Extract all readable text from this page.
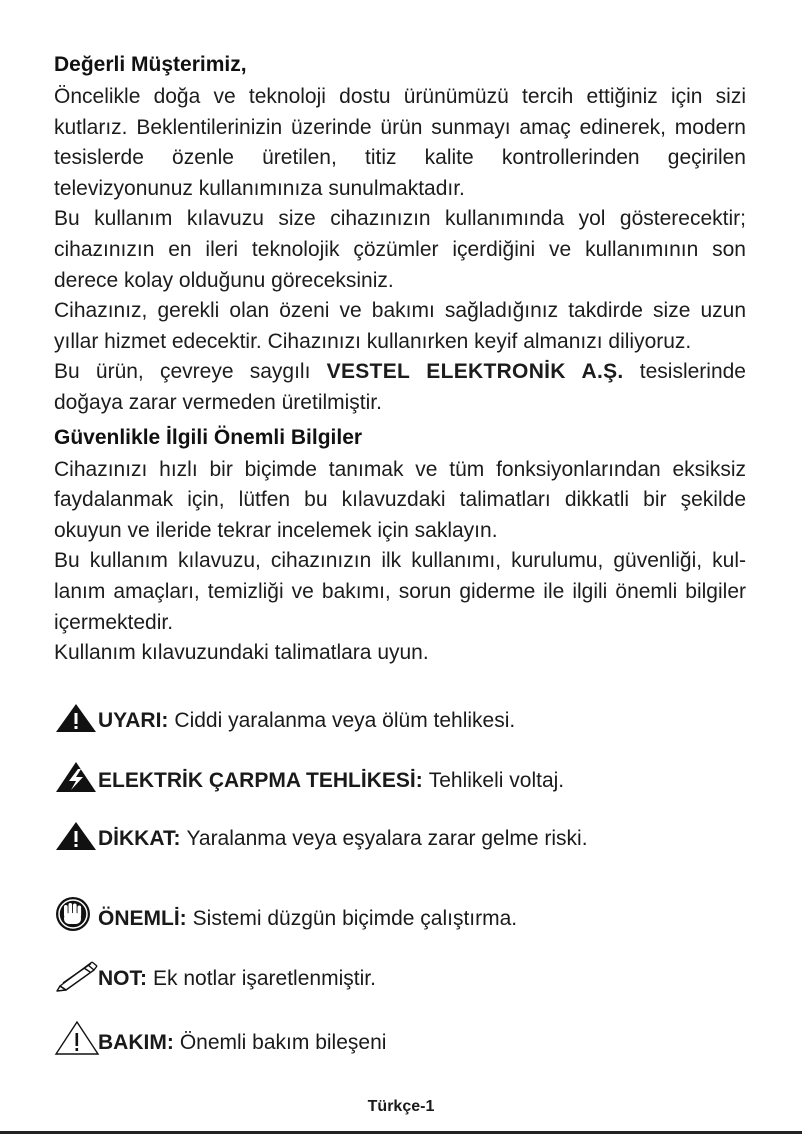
Değerli Müşterimiz,

Öncelikle doğa ve teknoloji dostu ürünümüzü tercih ettiğiniz için sizi kutlarız. Beklentilerinizin üzerinde ürün sunmayı amaç edinerek, modern tesislerde özenle üretilen, titiz kalite kontrollerinden geçirilen televizyonunuz kullanımınıza sunulmaktadır.

Bu kullanım kılavuzu size cihazınızın kullanımında yol gösterecektir; cihazınızın en ileri teknolojik çözümler içerdiğini ve kullanımının son derece kolay olduğunu göreceksiniz.

Cihazınız, gerekli olan özeni ve bakımı sağladığınız takdirde size uzun yıllar hizmet edecektir. Cihazınızı kullanırken keyif almanızı diliyoruz.

Bu ürün, çevreye saygılı VESTEL ELEKTRONİK A.Ş. tesislerinde doğaya zarar vermeden üretilmiştir.

Güvenlikle İlgili Önemli Bilgiler

Cihazınızı hızlı bir biçimde tanımak ve tüm fonksiyonlarından eksiksiz faydalanmak için, lütfen bu kılavuzdaki talimatları dikkatli bir şekilde okuyun ve ileride tekrar incelemek için saklayın.

Bu kullanım kılavuzu, cihazınızın ilk kullanımı, kurulumu, güvenliği, kullanım amaçları, temizliği ve bakımı, sorun giderme ile ilgili önemli bilgiler içermektedir.

Kullanım kılavuzundaki talimatlara uyun.

UYARI: Ciddi yaralanma veya ölüm tehlikesi.
ELEKTRİK ÇARPMA TEHLİKESİ: Tehlikeli voltaj.
DİKKAT: Yaralanma veya eşyalara zarar gelme riski.
ÖNEMLİ: Sistemi düzgün biçimde çalıştırma.
NOT: Ek notlar işaretlenmiştir.
BAKIM: Önemli bakım bileşeni
Türkçe-1
